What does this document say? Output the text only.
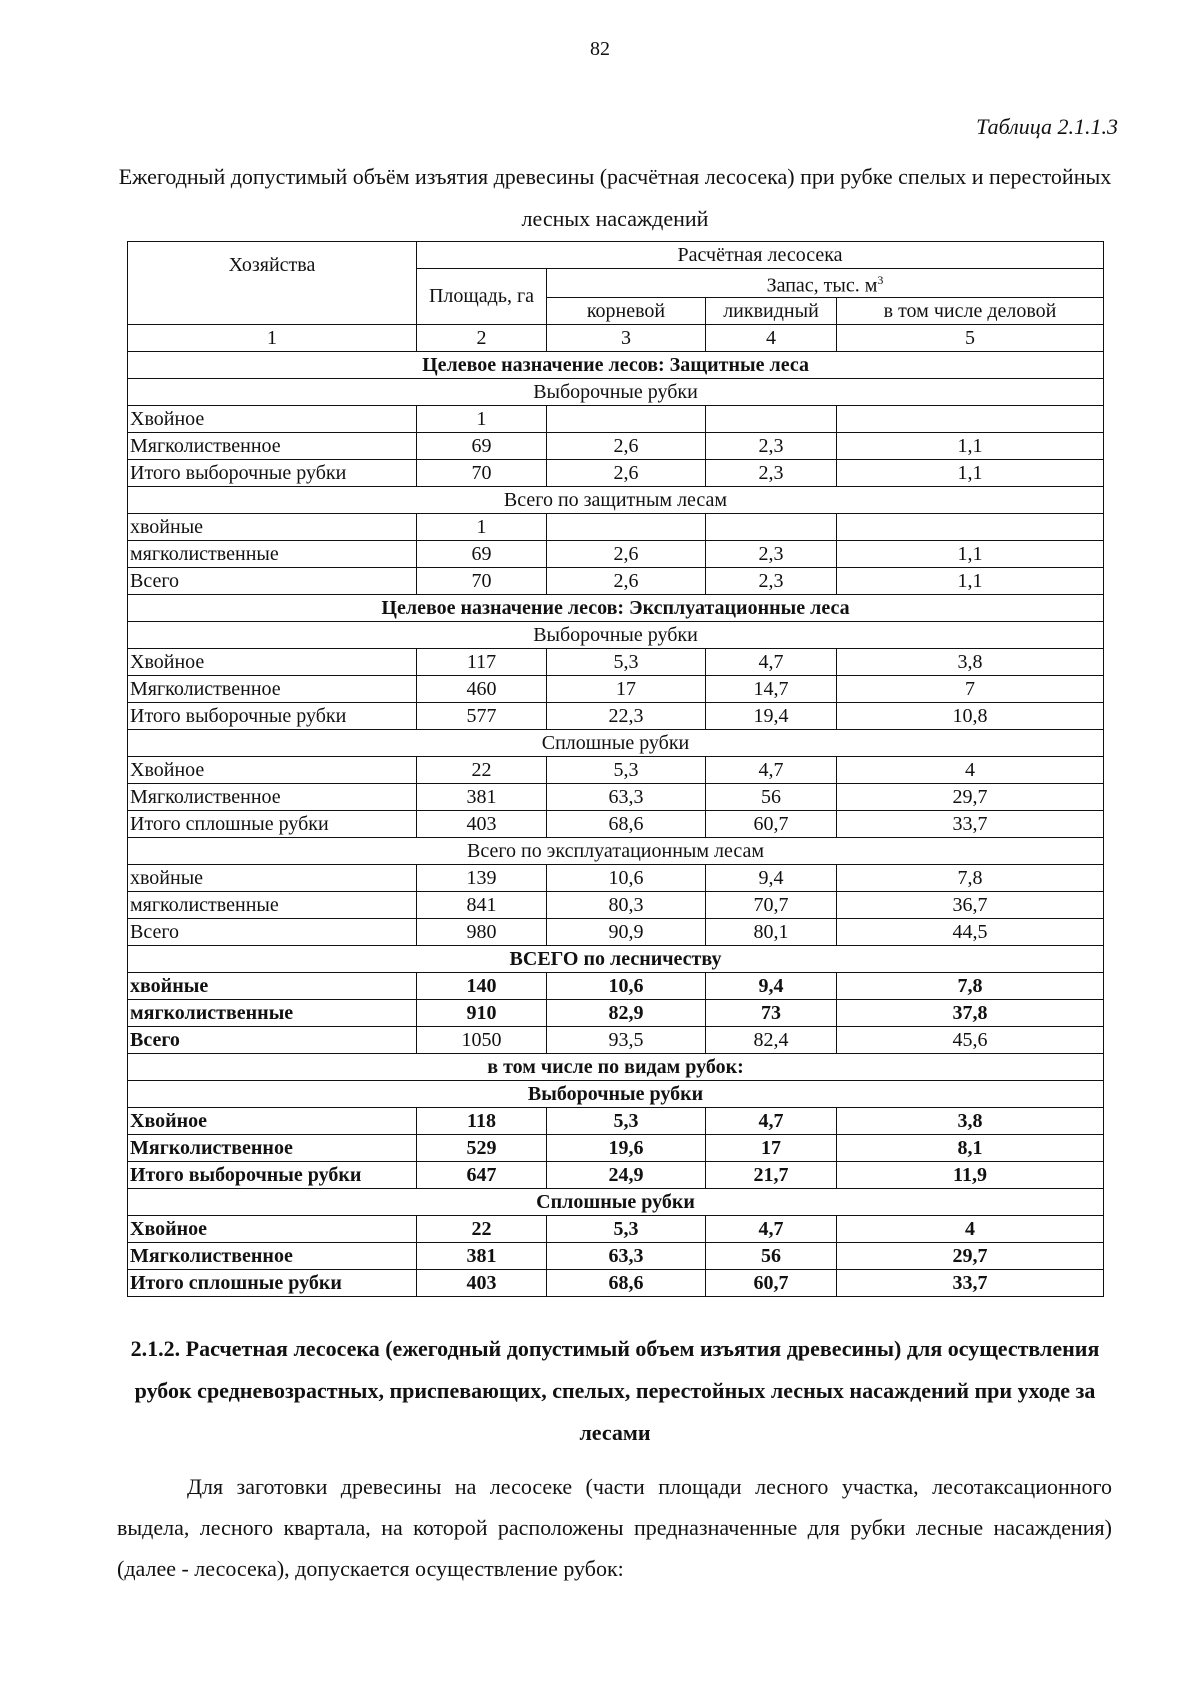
82
Таблица 2.1.1.3
Ежегодный допустимый объём изъятия древесины (расчётная лесосека) при рубке спелых и перестойных лесных насаждений
Хозяйства	Расчётная лесосека			
	Площадь, га	Запас, тыс. $м^3$
		корневой	ликвидный	в том числе деловой
1	2	3	4	5
Целевое назначение лесов: Защитные леса				
Выборочные рубки				
Хвойное	1			
Мягколиственное	69	2,6	2,3	1,1
Итого выборочные рубки	70	2,6	2,3	1,1
Всего по защитным лесам				
хвойные	1			
мягколиственные	69	2,6	2,3	1,1
Всего	70	2,6	2,3	1,1
Целевое назначение лесов: Эксплуатационные леса				
Выборочные рубки				
Хвойное	117	5,3	4,7	3,8
Мягколиственное	460	17	14,7	7
Итого выборочные рубки	577	22,3	19,4	10,8
Сплошные рубки				
Хвойное	22	5,3	4,7	4
Мягколиственное	381	63,3	56	29,7
Итого сплошные рубки	403	68,6	60,7	33,7
Всего по эксплуатационным лесам				
хвойные	139	10,6	9,4	7,8
мягколиственные	841	80,3	70,7	36,7
Всего	980	90,9	80,1	44,5
ВСЕГО по лесничеству				
хвойные	140	10,6	9,4	7,8
мягколиственные	910	82,9	73	37,8
Всего	1050	93,5	82,4	45,6
в том числе по видам рубок:				
Выборочные рубки				
Хвойное	118	5,3	4,7	3,8
Мягколиственное	529	19,6	17	8,1
Итого выборочные рубки	647	24,9	21,7	11,9
Сплошные рубки				
Хвойное	22	5,3	4,7	4
Мягколиственное	381	63,3	56	29,7
Итого сплошные рубки	403	68,6	60,7	33,7
2.1.2. Расчетная лесосека (ежегодный допустимый объем изъятия древесины) для осуществления рубок средневозрастных, приспевающих, спелых, перестойных лесных насаждений при уходе за лесами

Для заготовки древесины на лесосеке (части площади лесного участка, лесотаксационного выдела, лесного квартала, на которой расположены предназначенные для рубки лесные насаждения) (далее - лесосека), допускается осуществление рубок:
